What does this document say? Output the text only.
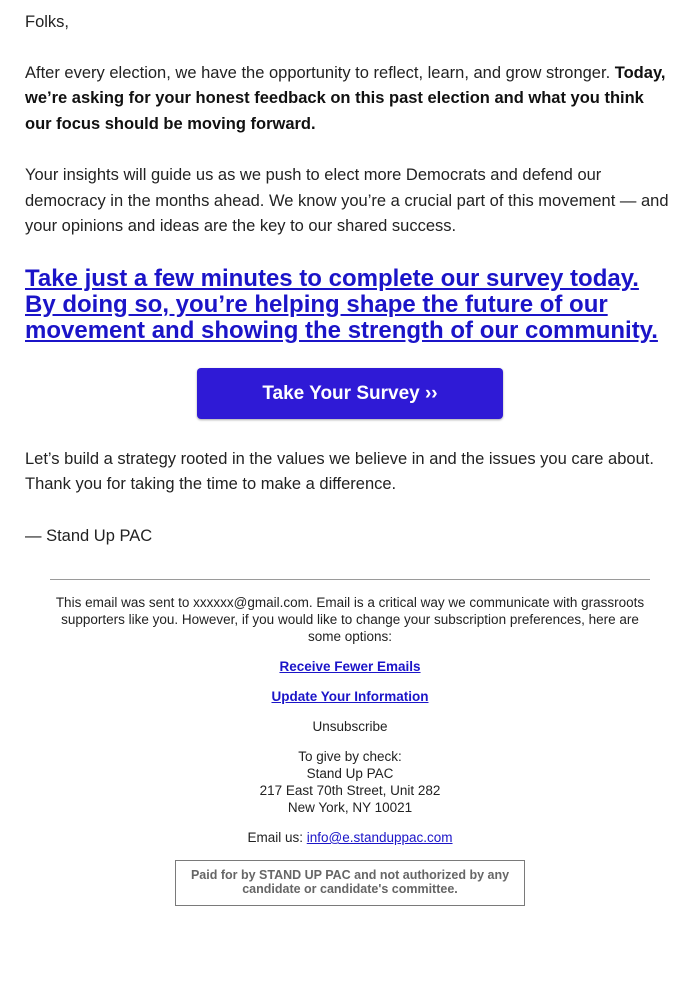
Folks,

After every election, we have the opportunity to reflect, learn, and grow stronger. Today, we’re asking for your honest feedback on this past election and what you think our focus should be moving forward.

Your insights will guide us as we push to elect more Democrats and defend our democracy in the months ahead. We know you’re a crucial part of this movement — and your opinions and ideas are the key to our shared success.

Take just a few minutes to complete our survey today. By doing so, you’re helping shape the future of our movement and showing the strength of our community.
Take Your Survey ››

Let’s build a strategy rooted in the values we believe in and the issues you care about. Thank you for taking the time to make a difference.

— Stand Up PAC

This email was sent to xxxxxx@gmail.com. Email is a critical way we communicate with grassroots supporters like you. However, if you would like to change your subscription preferences, here are some options:

Receive Fewer Emails

Update Your Information

Unsubscribe

To give by check:

Stand Up PAC

217 East 70th Street, Unit 282

New York, NY 10021

Email us: info@e.standuppac.com

Paid for by STAND UP PAC and not authorized by any candidate or candidate's committee.
